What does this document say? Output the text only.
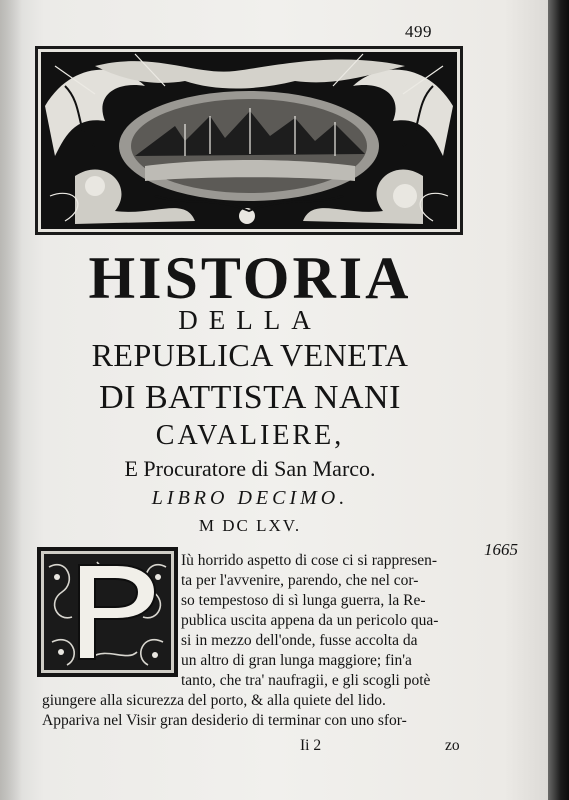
499
HISTORIA
DELLA
REPUBLICA VENETA
DI BATTISTA NANI
CAVALIERE,
E Procuratore di San Marco.
LIBRO DECIMO.
M DC LXV.
1665
Iù horrido aspetto di cose ci si rappresen-
ta per l'avvenire, parendo, che nel cor-
so tempestoso di sì lunga guerra, la Re-
publica uscita appena da un pericolo qua-
si in mezzo dell'onde, fusse accolta da
un altro di gran lunga maggiore; fin'a
tanto, che tra' naufragii, e gli scogli potè
giungere alla sicurezza del porto, & alla quiete del lido.
Appariva nel Visir gran desiderio di terminar con uno sfor-
Ii 2	zo
